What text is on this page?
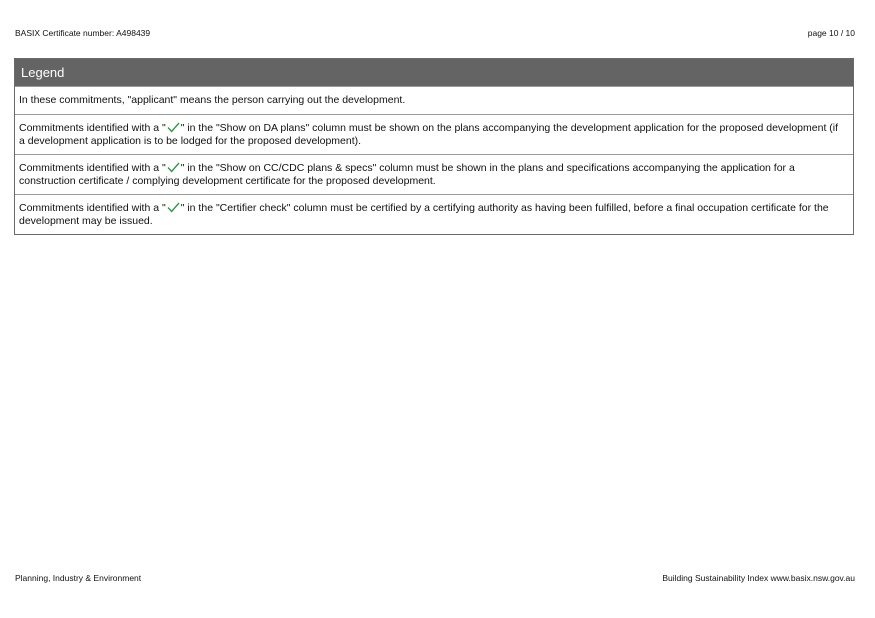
BASIX Certificate number: A498439	page 10 / 10
Legend
In these commitments, "applicant" means the person carrying out the development.
Commitments identified with a " " in the "Show on DA plans" column must be shown on the plans accompanying the development application for the proposed development (if a development application is to be lodged for the proposed development).
Commitments identified with a " " in the "Show on CC/CDC plans & specs" column must be shown in the plans and specifications accompanying the application for a construction certificate / complying development certificate for the proposed development.
Commitments identified with a " " in the "Certifier check" column must be certified by a certifying authority as having been fulfilled, before a final occupation certificate for the development may be issued.
Planning, Industry & Environment	Building Sustainability Index www.basix.nsw.gov.au
